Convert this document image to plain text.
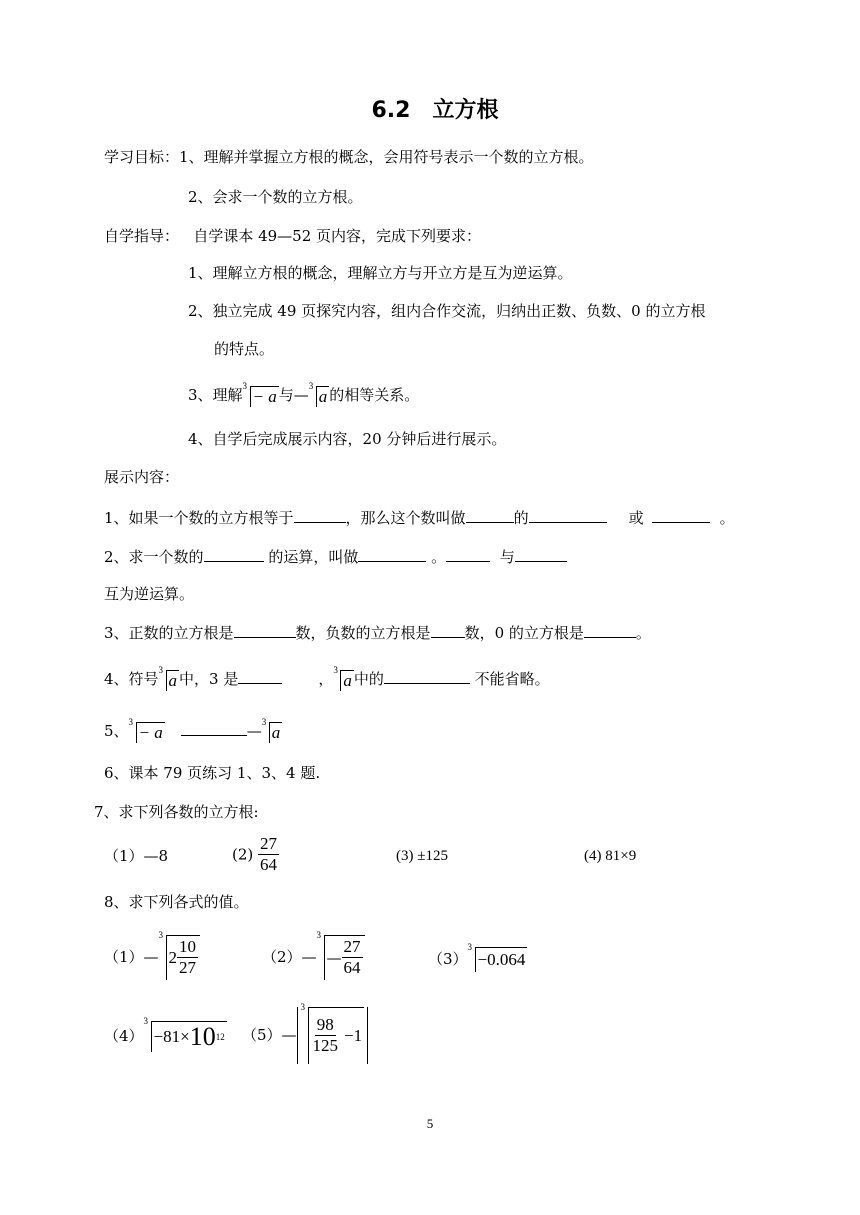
6.2　立方根
学习目标：1、理解并掌握立方根的概念，会用符号表示一个数的立方根。
2、会求一个数的立方根。
自学指导： 自学课本 49—52 页内容，完成下列要求：
1、理解立方根的概念，理解立方与开立方是互为逆运算。
2、独立完成 49 页探究内容，组内合作交流，归纳出正数、负数、0 的立方根
的特点。
3、理解
3
− a 与—
3
a 的相等关系。
4、自学后完成展示内容，20 分钟后进行展示。
展示内容：
1、如果一个数的立方根等于	，那么这个数叫做	的	或	。
2、求一个数的	的运算，叫做	。	与
互为逆运算。
3、正数的立方根是	数，负数的立方根是 数，0 的立方根是	。
4、符号
3
a 中，3 是	，
3
a 中的	不能省略。
5、
3
− a	—
3
a
6、课本 79 页练习 1、3、4 题.
7、求下列各数的立方根:
（1）—8	$(2) \frac{27}{64}$	(3) ±125	(4) 81×9
8、求下列各式的值。
（1）—
3
$2 \frac{10}{27}$	（2）—
3
— $\frac{27}{64}$	（3）
3
−0.064
（4）
3
−81× 10 12 （5）—
3
$\frac{98}{125} -1$
5
